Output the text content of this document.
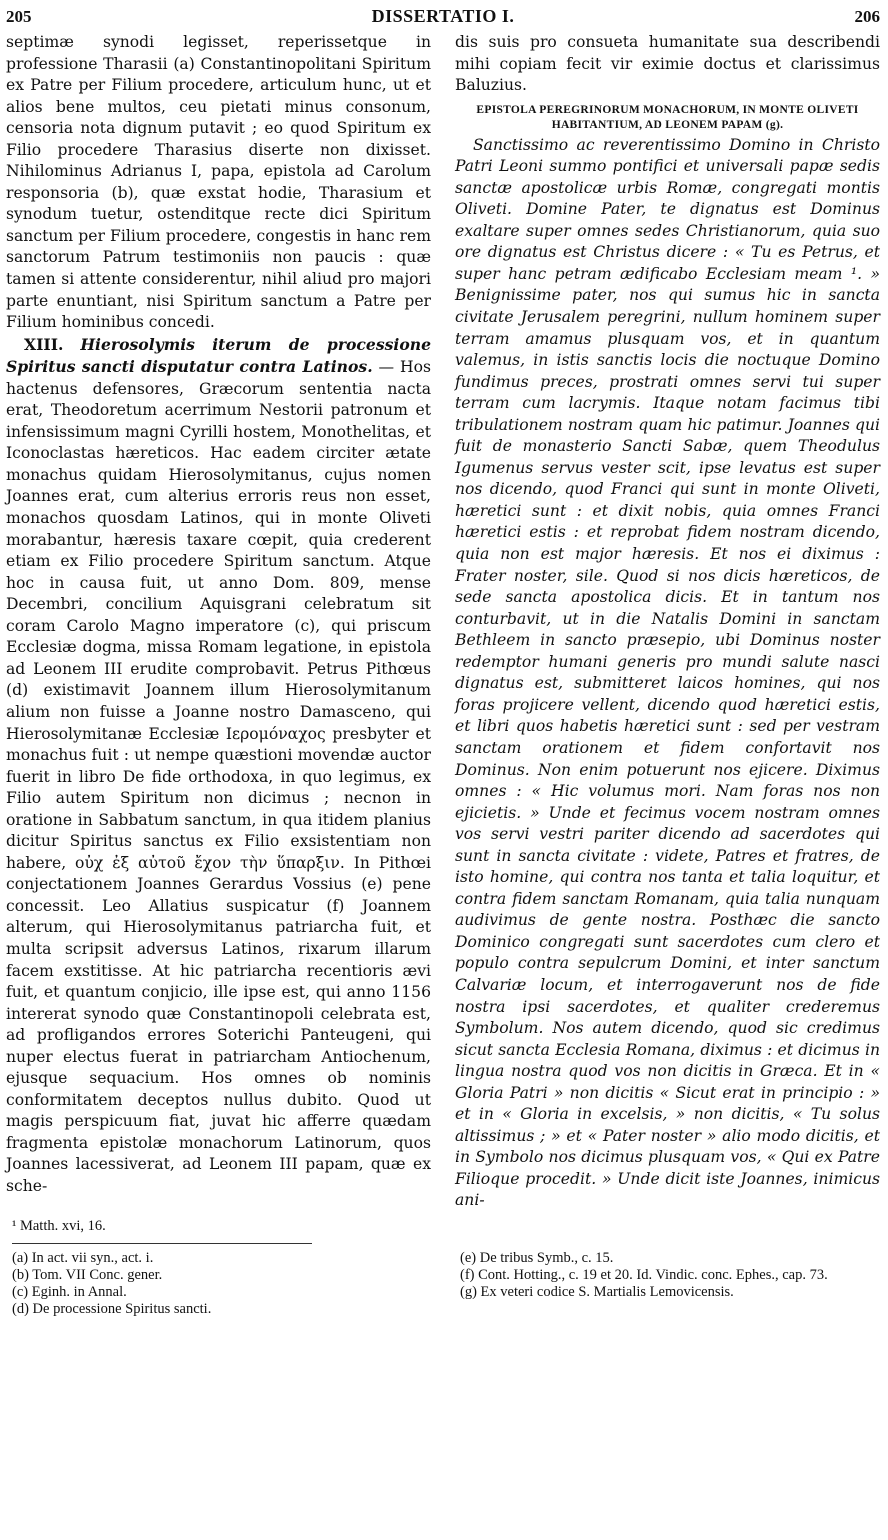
205	DISSERTATIO I.	206

septimæ synodi legisset, reperissetque in professione Tharasii (a) Constantinopolitani Spiritum ex Patre per Filium procedere, articulum hunc, ut et alios bene multos, ceu pietati minus consonum, censoria nota dignum putavit ; eo quod Spiritum ex Filio procedere Tharasius diserte non dixisset. Nihilominus Adrianus I, papa, epistola ad Carolum responsoria (b), quæ exstat hodie, Tharasium et synodum tuetur, ostenditque recte dici Spiritum sanctum per Filium procedere, congestis in hanc rem sanctorum Patrum testimoniis non paucis : quæ tamen si attente considerentur, nihil aliud pro majori parte enuntiant, nisi Spiritum sanctum a Patre per Filium hominibus concedi.

XIII. Hierosolymis iterum de processione Spiritus sancti disputatur contra Latinos. — Hos hactenus defensores, Græcorum sententia nacta erat, Theodoretum acerrimum Nestorii patronum et infensissimum magni Cyrilli hostem, Monothelitas, et Iconoclastas hæreticos. Hac eadem circiter ætate monachus quidam Hierosolymitanus, cujus nomen Joannes erat, cum alterius erroris reus non esset, monachos quosdam Latinos, qui in monte Oliveti morabantur, hæresis taxare cœpit, quia crederent etiam ex Filio procedere Spiritum sanctum. Atque hoc in causa fuit, ut anno Dom. 809, mense Decembri, concilium Aquisgrani celebratum sit coram Carolo Magno imperatore (c), qui priscum Ecclesiæ dogma, missa Romam legatione, in epistola ad Leonem III erudite comprobavit. Petrus Pithœus (d) existimavit Joannem illum Hierosolymitanum alium non fuisse a Joanne nostro Damasceno, qui Hierosolymitanæ Ecclesiæ Ιερομόναχος presbyter et monachus fuit : ut nempe quæstioni movendæ auctor fuerit in libro De fide orthodoxa, in quo legimus, ex Filio autem Spiritum non dicimus ; necnon in oratione in Sabbatum sanctum, in qua itidem planius dicitur Spiritus sanctus ex Filio exsistentiam non habere, οὐχ ἐξ αὐτοῦ ἔχον τὴν ὕπαρξιν. In Pithœi conjectationem Joannes Gerardus Vossius (e) pene concessit. Leo Allatius suspicatur (f) Joannem alterum, qui Hierosolymitanus patriarcha fuit, et multa scripsit adversus Latinos, rixarum illarum facem exstitisse. At hic patriarcha recentioris ævi fuit, et quantum conjicio, ille ipse est, qui anno 1156 intererat synodo quæ Constantinopoli celebrata est, ad profligandos errores Soterichi Panteugeni, qui nuper electus fuerat in patriarcham Antiochenum, ejusque sequacium. Hos omnes ob nominis conformitatem deceptos nullus dubito. Quod ut magis perspicuum fiat, juvat hic afferre quædam fragmenta epistolæ monachorum Latinorum, quos Joannes lacessiverat, ad Leonem III papam, quæ ex sche-

dis suis pro consueta humanitate sua describendi mihi copiam fecit vir eximie doctus et clarissimus Baluzius.

EPISTOLA PEREGRINORUM MONACHORUM, IN MONTE OLIVETI HABITANTIUM, AD LEONEM PAPAM (g).

Sanctissimo ac reverentissimo Domino in Christo Patri Leoni summo pontifici et universali papæ sedis sanctæ apostolicæ urbis Romæ, congregati montis Oliveti. Domine Pater, te dignatus est Dominus exaltare super omnes sedes Christianorum, quia suo ore dignatus est Christus dicere : « Tu es Petrus, et super hanc petram ædificabo Ecclesiam meam ¹. » Benignissime pater, nos qui sumus hic in sancta civitate Jerusalem peregrini, nullum hominem super terram amamus plusquam vos, et in quantum valemus, in istis sanctis locis die noctuque Domino fundimus preces, prostrati omnes servi tui super terram cum lacrymis. Itaque notam facimus tibi tribulationem nostram quam hic patimur. Joannes qui fuit de monasterio Sancti Sabæ, quem Theodulus Igumenus servus vester scit, ipse levatus est super nos dicendo, quod Franci qui sunt in monte Oliveti, hæretici sunt : et dixit nobis, quia omnes Franci hæretici estis : et reprobat fidem nostram dicendo, quia non est major hæresis. Et nos ei diximus : Frater noster, sile. Quod si nos dicis hæreticos, de sede sancta apostolica dicis. Et in tantum nos conturbavit, ut in die Natalis Domini in sanctam Bethleem in sancto præsepio, ubi Dominus noster redemptor humani generis pro mundi salute nasci dignatus est, submitteret laicos homines, qui nos foras projicere vellent, dicendo quod hæretici estis, et libri quos habetis hæretici sunt : sed per vestram sanctam orationem et fidem confortavit nos Dominus. Non enim potuerunt nos ejicere. Diximus omnes : « Hic volumus mori. Nam foras nos non ejicietis. » Unde et fecimus vocem nostram omnes vos servi vestri pariter dicendo ad sacerdotes qui sunt in sancta civitate : videte, Patres et fratres, de isto homine, qui contra nos tanta et talia loquitur, et contra fidem sanctam Romanam, quia talia nunquam audivimus de gente nostra. Posthæc die sancto Dominico congregati sunt sacerdotes cum clero et populo contra sepulcrum Domini, et inter sanctum Calvariæ locum, et interrogaverunt nos de fide nostra ipsi sacerdotes, et qualiter crederemus Symbolum. Nos autem dicendo, quod sic credimus sicut sancta Ecclesia Romana, diximus : et dicimus in lingua nostra quod vos non dicitis in Græca. Et in « Gloria Patri » non dicitis « Sicut erat in principio : » et in « Gloria in excelsis, » non dicitis, « Tu solus altissimus ; » et « Pater noster » alio modo dicitis, et in Symbolo nos dicimus plusquam vos, « Qui ex Patre Filioque procedit. » Unde dicit iste Joannes, inimicus ani-

¹ Matth. xvi, 16.
(a) In act. vii syn., act. i.
(b) Tom. VII Conc. gener.
(c) Eginh. in Annal.
(d) De processione Spiritus sancti.
(e) De tribus Symb., c. 15.
(f) Cont. Hotting., c. 19 et 20. Id. Vindic. conc. Ephes., cap. 73.
(g) Ex veteri codice S. Martialis Lemovicensis.
